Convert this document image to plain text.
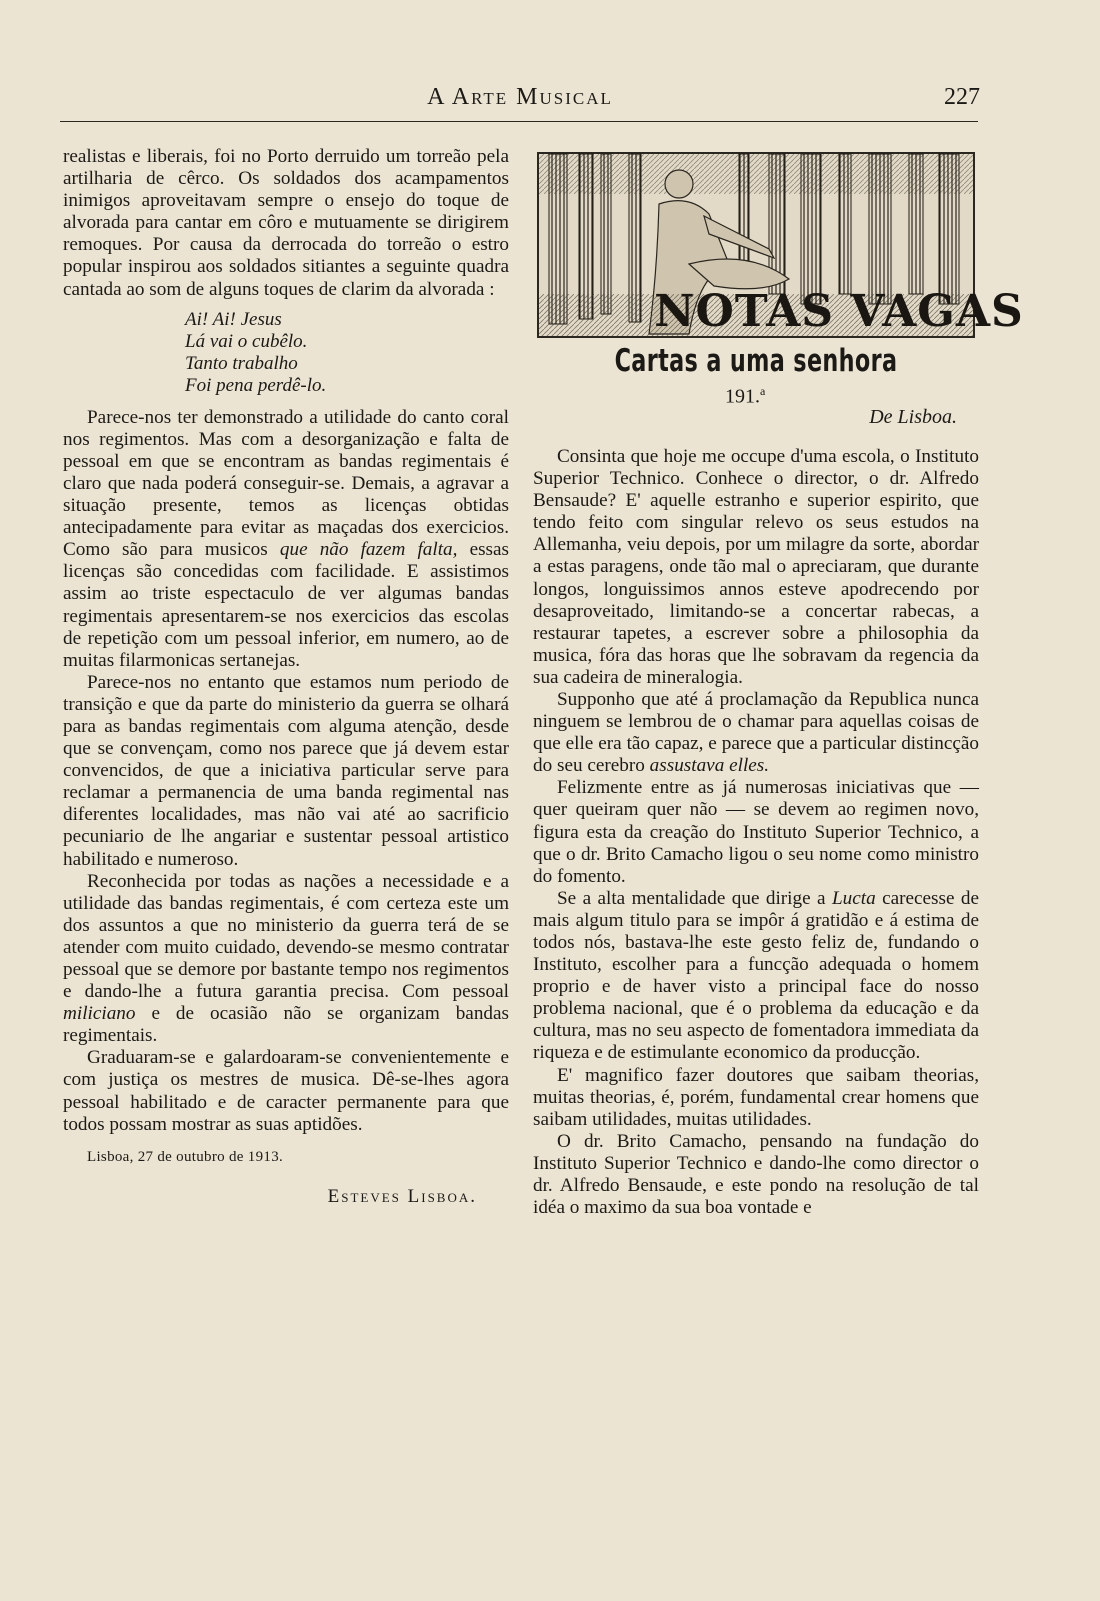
A Arte Musical	227

realistas e liberais, foi no Porto derruido um torreão pela artilharia de cêrco. Os soldados dos acampamentos inimigos aproveitavam sempre o ensejo do toque de alvorada para cantar em côro e mutuamente se dirigirem remoques. Por causa da derrocada do torreão o estro popular inspirou aos soldados sitiantes a seguinte quadra cantada ao som de alguns toques de clarim da alvorada :

Ai! Ai! Jesus
Lá vai o cubêlo.
Tanto trabalho
Foi pena perdê-lo.

Parece-nos ter demonstrado a utilidade do canto coral nos regimentos. Mas com a desorganização e falta de pessoal em que se encontram as bandas regimentais é claro que nada poderá conseguir-se. Demais, a agravar a situação presente, temos as licenças obtidas antecipadamente para evitar as maçadas dos exercicios. Como são para musicos que não fazem falta, essas licenças são concedidas com facilidade. E assistimos assim ao triste espectaculo de ver algumas bandas regimentais apresentarem-se nos exercicios das escolas de repetição com um pessoal inferior, em numero, ao de muitas filarmonicas sertanejas.

Parece-nos no entanto que estamos num periodo de transição e que da parte do ministerio da guerra se olhará para as bandas regimentais com alguma atenção, desde que se convençam, como nos parece que já devem estar convencidos, de que a iniciativa particular serve para reclamar a permanencia de uma banda regimental nas diferentes localidades, mas não vai até ao sacrificio pecuniario de lhe angariar e sustentar pessoal artistico habilitado e numeroso.

Reconhecida por todas as nações a necessidade e a utilidade das bandas regimentais, é com certeza este um dos assuntos a que no ministerio da guerra terá de se atender com muito cuidado, devendo-se mesmo contratar pessoal que se demore por bastante tempo nos regimentos e dando-lhe a futura garantia precisa. Com pessoal miliciano e de ocasião não se organizam bandas regimentais.

Graduaram-se e galardoaram-se convenientemente e com justiça os mestres de musica. Dê-se-lhes agora pessoal habilitado e de caracter permanente para que todos possam mostrar as suas aptidões.

Lisboa, 27 de outubro de 1913.
Esteves Lisboa.
NOTAS VAGAS
Cartas a uma senhora
191.$^a$
De Lisboa.

Consinta que hoje me occupe d'uma escola, o Instituto Superior Technico. Conhece o director, o dr. Alfredo Bensaude? E' aquelle estranho e superior espirito, que tendo feito com singular relevo os seus estudos na Allemanha, veiu depois, por um milagre da sorte, abordar a estas paragens, onde tão mal o apreciaram, que durante longos, longuissimos annos esteve apodrecendo por desaproveitado, limitando-se a concertar rabecas, a restaurar tapetes, a escrever sobre a philosophia da musica, fóra das horas que lhe sobravam da regencia da sua cadeira de mineralogia.

Supponho que até á proclamação da Republica nunca ninguem se lembrou de o chamar para aquellas coisas de que elle era tão capaz, e parece que a particular distincção do seu cerebro assustava elles.

Felizmente entre as já numerosas iniciativas que — quer queiram quer não — se devem ao regimen novo, figura esta da creação do Instituto Superior Technico, a que o dr. Brito Camacho ligou o seu nome como ministro do fomento.

Se a alta mentalidade que dirige a Lucta carecesse de mais algum titulo para se impôr á gratidão e á estima de todos nós, bastava-lhe este gesto feliz de, fundando o Instituto, escolher para a funcção adequada o homem proprio e de haver visto a principal face do nosso problema nacional, que é o problema da educação e da cultura, mas no seu aspecto de fomentadora immediata da riqueza e de estimulante economico da producção.

E' magnifico fazer doutores que saibam theorias, muitas theorias, é, porém, fundamental crear homens que saibam utilidades, muitas utilidades.

O dr. Brito Camacho, pensando na fundação do Instituto Superior Technico e dando-lhe como director o dr. Alfredo Bensaude, e este pondo na resolução de tal idéa o maximo da sua boa vontade e
